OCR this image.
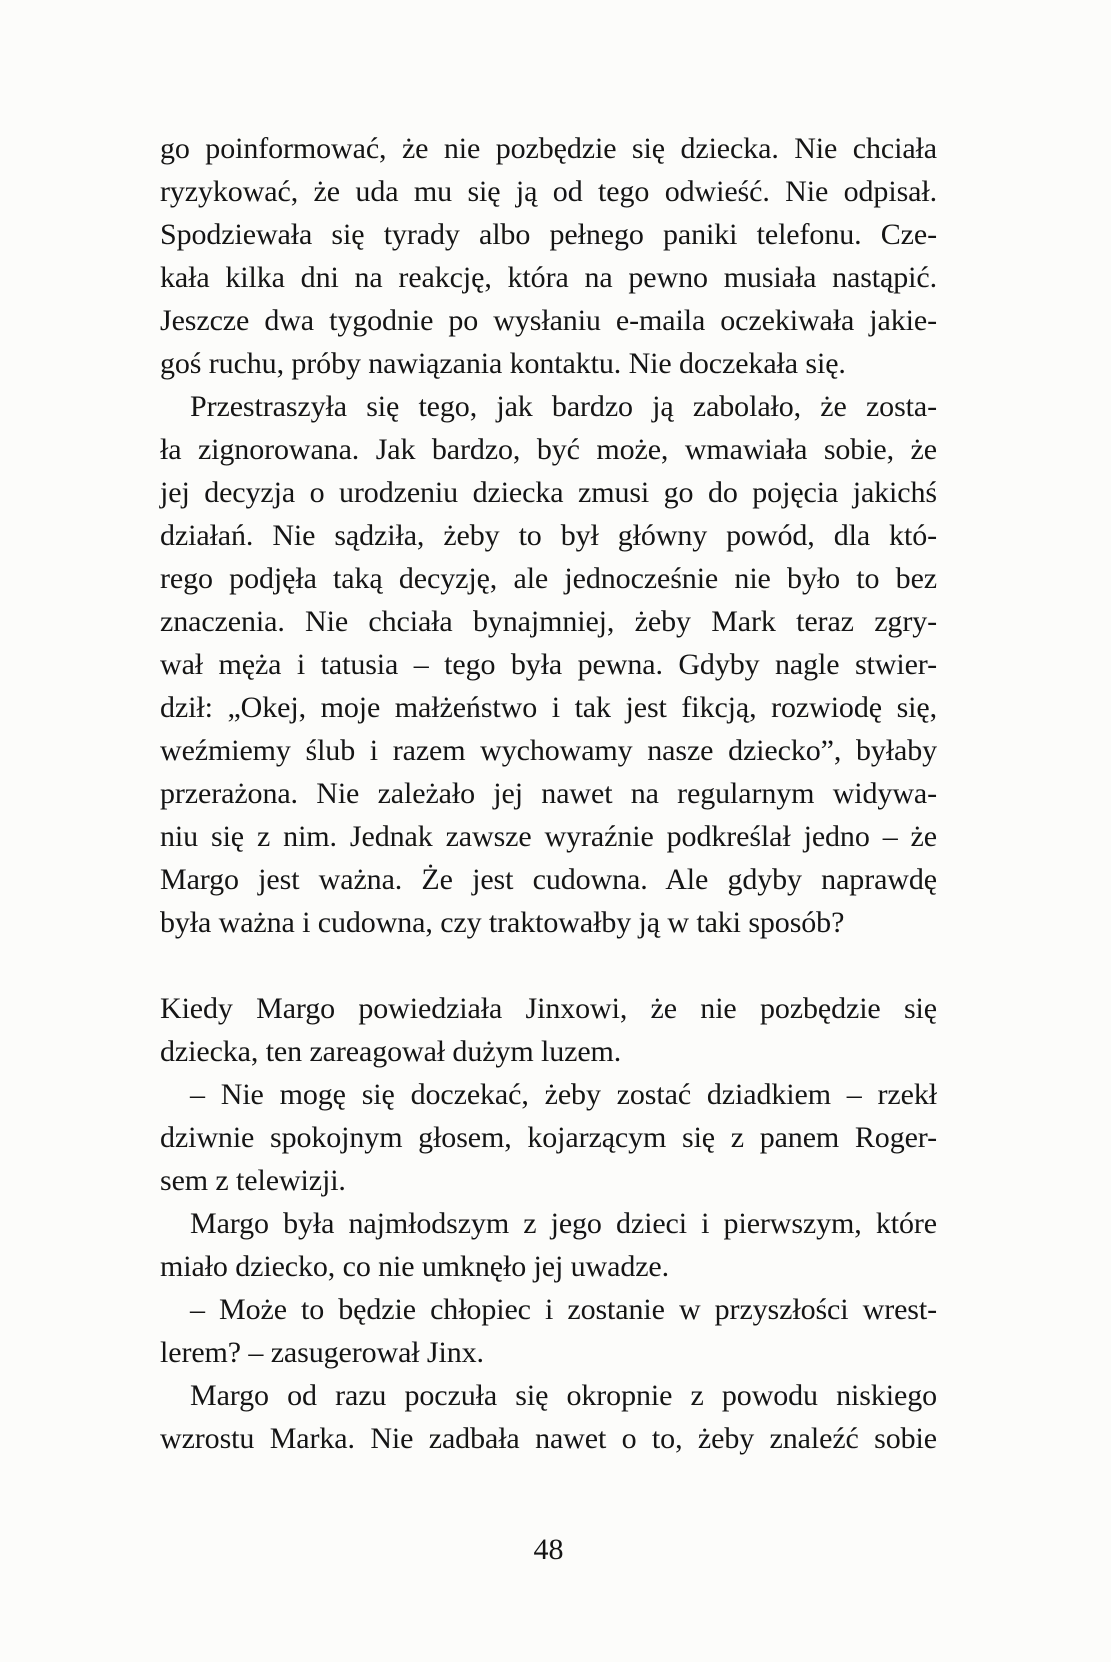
go poinformować, że nie pozbędzie się dziecka. Nie chciała
ryzykować, że uda mu się ją od tego odwieść. Nie odpisał.
Spodziewała się tyrady albo pełnego paniki telefonu. Cze-
kała kilka dni na reakcję, która na pewno musiała nastąpić.
Jeszcze dwa tygodnie po wysłaniu e-maila oczekiwała jakie-
goś ruchu, próby nawiązania kontaktu. Nie doczekała się.
Przestraszyła się tego, jak bardzo ją zabolało, że zosta-
ła zignorowana. Jak bardzo, być może, wmawiała sobie, że
jej decyzja o urodzeniu dziecka zmusi go do pojęcia jakichś
działań. Nie sądziła, żeby to był główny powód, dla któ-
rego podjęła taką decyzję, ale jednocześnie nie było to bez
znaczenia. Nie chciała bynajmniej, żeby Mark teraz zgry-
wał męża i tatusia – tego była pewna. Gdyby nagle stwier-
dził: „Okej, moje małżeństwo i tak jest fikcją, rozwiodę się,
weźmiemy ślub i razem wychowamy nasze dziecko”, byłaby
przerażona. Nie zależało jej nawet na regularnym widywa-
niu się z nim. Jednak zawsze wyraźnie podkreślał jedno – że
Margo jest ważna. Że jest cudowna. Ale gdyby naprawdę
była ważna i cudowna, czy traktowałby ją w taki sposób?
Kiedy Margo powiedziała Jinxowi, że nie pozbędzie się
dziecka, ten zareagował dużym luzem.
– Nie mogę się doczekać, żeby zostać dziadkiem – rzekł
dziwnie spokojnym głosem, kojarzącym się z panem Roger-
sem z telewizji.
Margo była najmłodszym z jego dzieci i pierwszym, które
miało dziecko, co nie umknęło jej uwadze.
– Może to będzie chłopiec i zostanie w przyszłości wrest-
lerem? – zasugerował Jinx.
Margo od razu poczuła się okropnie z powodu niskiego
wzrostu Marka. Nie zadbała nawet o to, żeby znaleźć sobie
48
